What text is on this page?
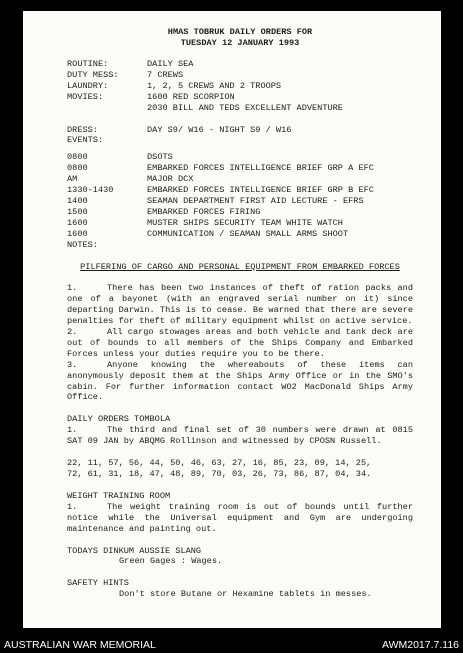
HMAS TOBRUK DAILY ORDERS FOR
TUESDAY 12 JANUARY 1993
ROUTINE:	DAILY SEA
DUTY MESS:	7 CREWS
LAUNDRY:	1, 2, 5 CREWS AND 2 TROOPS
MOVIES:	1600 RED SCORPION
2030 BILL AND TEDS EXCELLENT ADVENTURE
DRESS:	DAY S9/ W16 - NIGHT S9 / W16
EVENTS:
0800	DSOTS
0800	EMBARKED FORCES INTELLIGENCE BRIEF GRP A EFC
AM	MAJOR DCX
1330-1430	EMBARKED FORCES INTELLIGENCE BRIEF GRP B EFC
1400	SEAMAN DEPARTMENT FIRST AID LECTURE - EFRS
1500	EMBARKED FORCES FIRING
1600	MUSTER SHIPS SECURITY TEAM WHITE WATCH
1600	COMMUNICATION / SEAMAN SMALL ARMS SHOOT
NOTES:
PILFERING OF CARGO AND PERSONAL EQUIPMENT FROM EMBARKED FORCES
1.	There has been two instances of theft of ration packs and one of a bayonet (with an engraved serial number on it) since departing Darwin. This is to cease. Be warned that there are severe penalties for theft of military equipment whilst on active service.
2.	All cargo stowages areas and both vehicle and tank deck are out of bounds to all members of the Ships Company and Embarked Forces unless your duties require you to be there.
3.	Anyone knowing the whereabouts of these items can anonymously deposit them at the Ships Army Office or in the SMO's cabin. For further information contact WO2 MacDonald Ships Army Office.
DAILY ORDERS TOMBOLA
1.	The third and final set of 30 numbers were drawn at 0815 SAT 09 JAN by ABQMG Rollinson and witnessed by CPOSN Russell.
22, 11, 57, 56, 44, 50, 46, 63, 27, 16, 85, 23, 09, 14, 25,
72, 61, 31, 18, 47, 48, 89, 70, 03, 26, 73, 86, 87, 04, 34.
WEIGHT TRAINING ROOM
1.	The weight training room is out of bounds until further notice while the Universal equipment and Gym are undergoing maintenance and painting out.
TODAYS DINKUM AUSSIE SLANG
Green Gages : Wages.
SAFETY HINTS
Don't store Butane or Hexamine tablets in messes.
AUSTRALIAN WAR MEMORIAL	AWM2017.7.116
